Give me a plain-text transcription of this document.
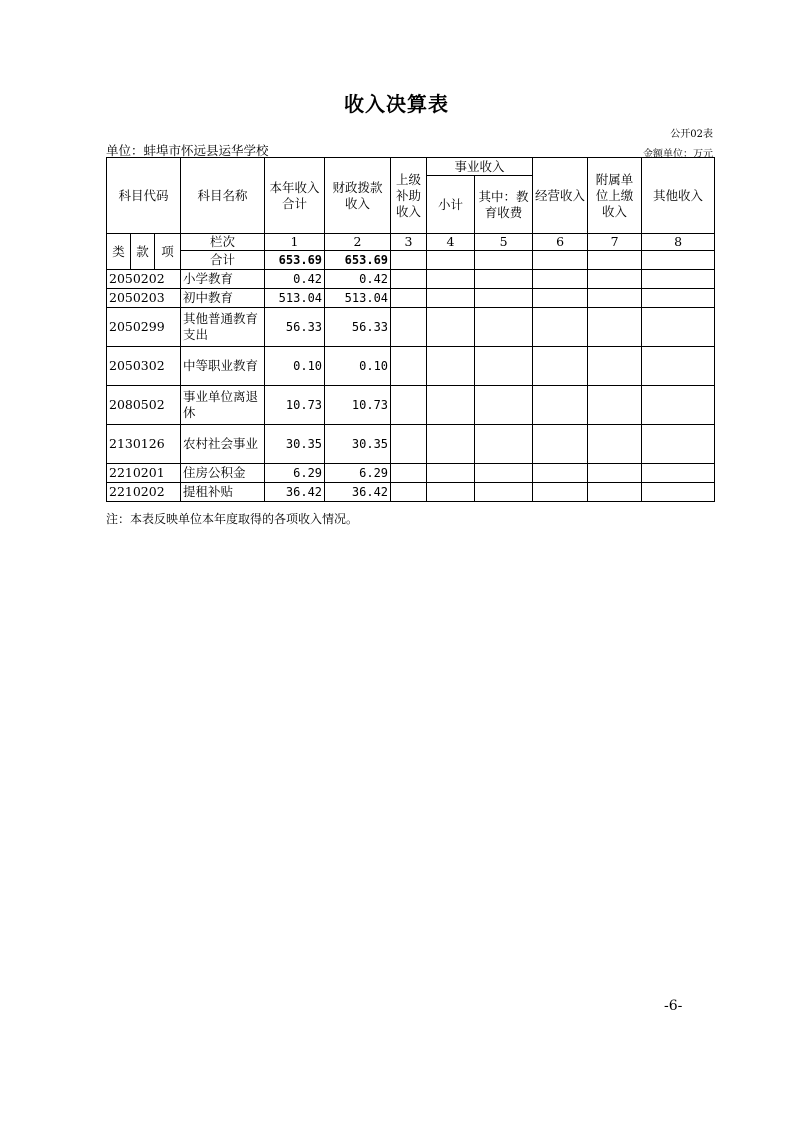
收入决算表
公开02表
单位：蚌埠市怀远县运华学校	金额单位：万元
科目代码			科目名称	本年收入合计	财政拨款收入	上级补助收入	事业收入		经营收入	附属单位上缴收入	其他收入
							小计	其中：教育收费			

类	款	项	栏次	1	2	3	4	5	6	7	8
			合计	653.69	653.69						
2050202			小学教育	0.42	0.42						
2050203			初中教育	513.04	513.04						
2050299			其他普通教育支出	56.33	56.33						
2050302			中等职业教育	0.10	0.10						
2080502			事业单位离退休	10.73	10.73						
2130126			农村社会事业	30.35	30.35						
2210201			住房公积金	6.29	6.29						
2210202			提租补贴	36.42	36.42						
注：本表反映单位本年度取得的各项收入情况。
-6-
